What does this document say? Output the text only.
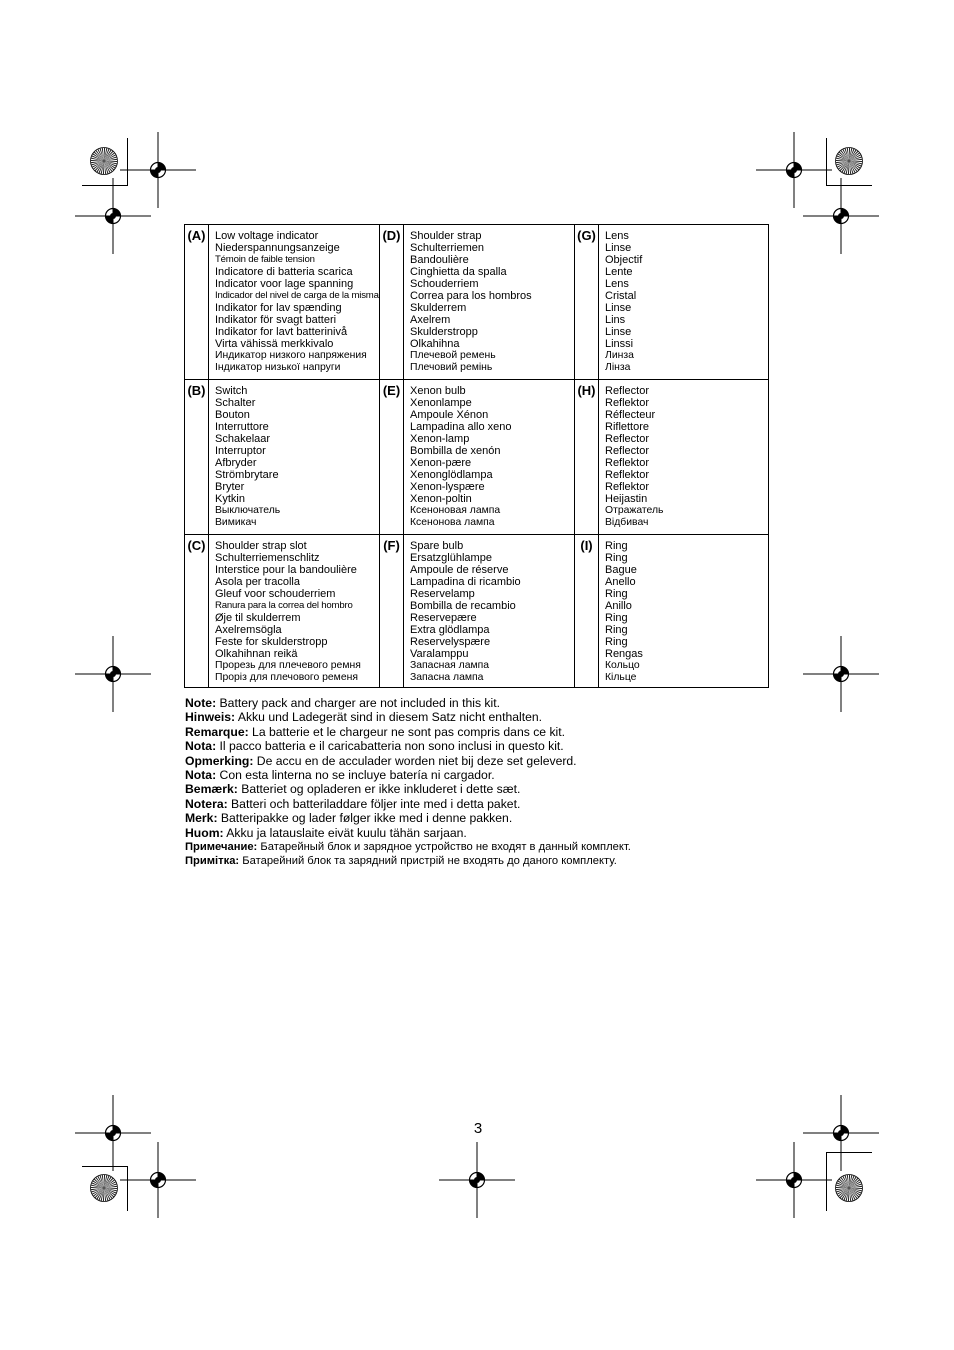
(A) Low voltage indicator
Niederspannungsanzeige
Témoin de faible tension
Indicatore di batteria scarica
Indicator voor lage spanning
Indicador del nivel de carga de la misma
Indikator for lav spænding
Indikator för svagt batteri
Indikator for lavt batterinivå
Virta vähissä merkkivalo
Индикатор низкого напряжения
Індикатор низької напруги
(D) Shoulder strap
Schulterriemen
Bandoulière
Cinghietta da spalla
Schouderriem
Correa para los hombros
Skulderrem
Axelrem
Skulderstropp
Olkahihna
Плечевой ремень
Плечовий ремінь
(G) Lens
Linse
Objectif
Lente
Lens
Cristal
Linse
Lins
Linse
Linssi
Линза
Лінза
(B) Switch
Schalter
Bouton
Interruttore
Schakelaar
Interruptor
Afbryder
Strömbrytare
Bryter
Kytkin
Выключатель
Вимикач
(E) Xenon bulb
Xenonlampe
Ampoule Xénon
Lampadina allo xeno
Xenon-lamp
Bombilla de xenón
Xenon-pære
Xenonglödlampa
Xenon-lyspære
Xenon-poltin
Ксеноновая лампа
Ксенонова лампа
(H) Reflector
Reflektor
Réflecteur
Riflettore
Reflector
Reflector
Reflektor
Reflektor
Reflektor
Heijastin
Отражатель
Відбивач
(C) Shoulder strap slot
Schulterriemenschlitz
Interstice pour la bandoulière
Asola per tracolla
Gleuf voor schouderriem
Ranura para la correa del hombro
Øje til skulderrem
Axelremsögla
Feste for skulderstropp
Olkahihnan reikä
Прорезь для плечевого ремня
Проріз для плечового ременя
(F) Spare bulb
Ersatzglühlampe
Ampoule de réserve
Lampadina di ricambio
Reservelamp
Bombilla de recambio
Reservepære
Extra glödlampa
Reservelyspære
Varalamppu
Запасная лампа
Запасна лампа
(I)	Ring
Ring
Bague
Anello
Ring
Anillo
Ring
Ring
Ring
Rengas
Кольцо
Кільце
Note: Battery pack and charger are not included in this kit.
Hinweis: Akku und Ladegerät sind in diesem Satz nicht enthalten.
Remarque: La batterie et le chargeur ne sont pas compris dans ce kit.
Nota: Il pacco batteria e il caricabatteria non sono inclusi in questo kit.
Opmerking: De accu en de acculader worden niet bij deze set geleverd.
Nota: Con esta linterna no se incluye batería ni cargador.
Bemærk: Batteriet og opladeren er ikke inkluderet i dette sæt.
Notera: Batteri och batteriladdare följer inte med i detta paket.
Merk: Batteripakke og lader følger ikke med i denne pakken.
Huom: Akku ja latauslaite eivät kuulu tähän sarjaan.
Примечание: Батарейный блок и зарядное устройство не входят в данный комплект.
Примітка: Батарейний блок та зарядний пристрій не входять до даного комплекту.
3
